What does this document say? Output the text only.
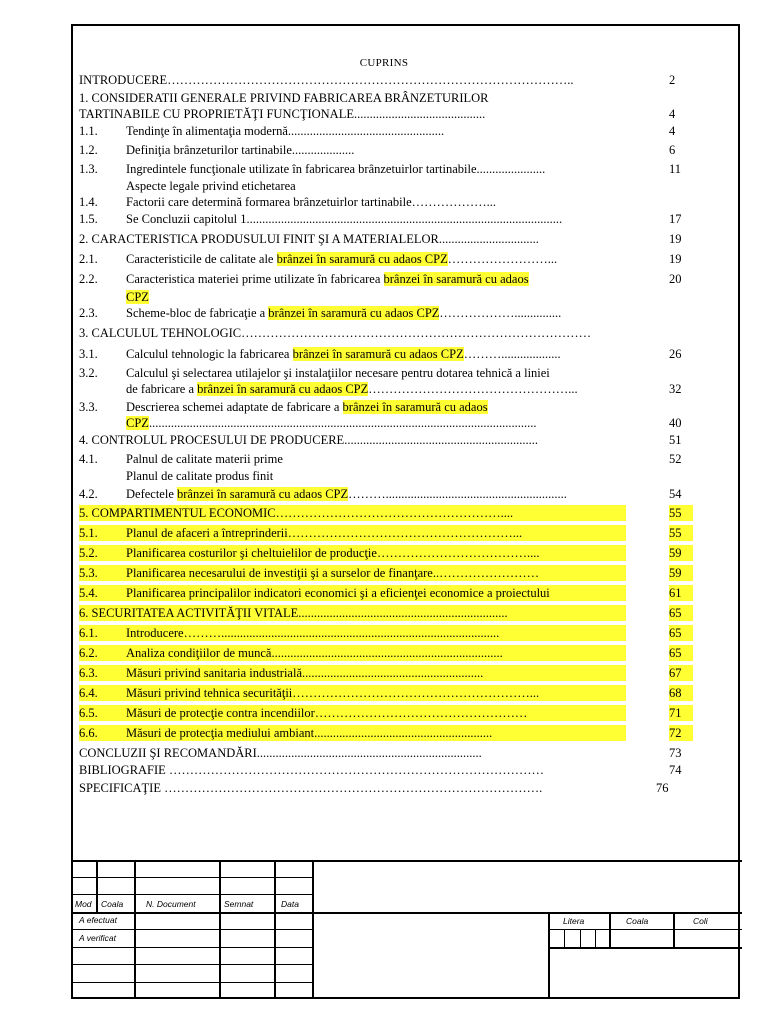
CUPRINS
INTRODUCERE……………………………………………………………………………………..	2
1. CONSIDERATII GENERALE PRIVIND FABRICAREA BRÂNZETURILOR
TARTINABILE CU PROPRIETĂŢI FUNCŢIONALE..........................................	4
1.1. Tendinţe în alimentaţia modernă..................................................	4
1.2. Definiţia brânzeturilor tartinabile....................	6
1.3. Ingredintele funcţionale utilizate în fabricarea brânzetuirlor tartinabile......................	11
Aspecte legale privind etichetarea
1.4. Factorii care determină formarea brânzetuirlor tartinabile………………...
1.5. Se Concluzii capitolul 1.....................................................................................................	17
2. CARACTERISTICA PRODUSULUI FINIT ŞI A MATERIALELOR................................	19
2.1. Caracteristicile de calitate ale brânzei în saramură cu adaos CPZ……………………...	19
2.2. Caracteristica materiei prime utilizate în fabricarea brânzei în saramură cu adaos	20
CPZ
2.3. Scheme-bloc de fabricaţie a brânzei în saramură cu adaos CPZ………………...............
3. CALCULUL TEHNOLOGIC…………………………………………………………………………
3.1. Calculul tehnologic la fabricarea brânzei în saramură cu adaos CPZ………...................	26
3.2. Calculul şi selectarea utilajelor şi instalaţiilor necesare pentru dotarea tehnică a liniei
de fabricare a brânzei în saramură cu adaos CPZ…………………………………………...	32
3.3. Descrierea schemei adaptate de fabricare a brânzei în saramură cu adaos
CPZ............................................................................................................................	40
4. CONTROLUL PROCESULUI DE PRODUCERE..............................................................	51
4.1. Palnul de calitate materii prime	52
Planul de calitate produs finit
4.2. Defectele brânzei în saramură cu adaos CPZ………..........................................................	54
5. COMPARTIMENTUL ECONOMIC………………………………………………....	55
5.1.	Planul de afaceri a întreprinderii………………………………………………...	55
5.2.	Planificarea costurilor şi cheltuielilor de producţie………………………………....	59
5.3.	Planificarea necesarului de investiţii şi a surselor de finanţare..……………………	59
5.4.	Planificarea principalilor indicatori economici şi a eficienţei economice a proiectului	61
6. SECURITATEA ACTIVITĂŢII VITALE...................................................................	65
6.1.	Introducere……….........................................................................................	65
6.2.	Analiza condiţiilor de muncă..........................................................................	65
6.3.	Măsuri privind sanitaria industrială..........................................................	67
6.4.	Măsuri privind tehnica securităţii…………………………………………………...	68
6.5.	Măsuri de protecţie contra incendiilor……………………………………………	71
6.6.	Măsuri de protecţia mediului ambiant.........................................................	72
CONCLUZII ŞI RECOMANDĂRI........................................................................	73
BIBLIOGRAFIE ………………………………………………………………………………	74
SPECIFICAŢIE ……………………………………………………………………………….	76
Mod Coala	N. Document	Semnat	Data
A efectuat
A verificat
Litera	Coala	Coli
